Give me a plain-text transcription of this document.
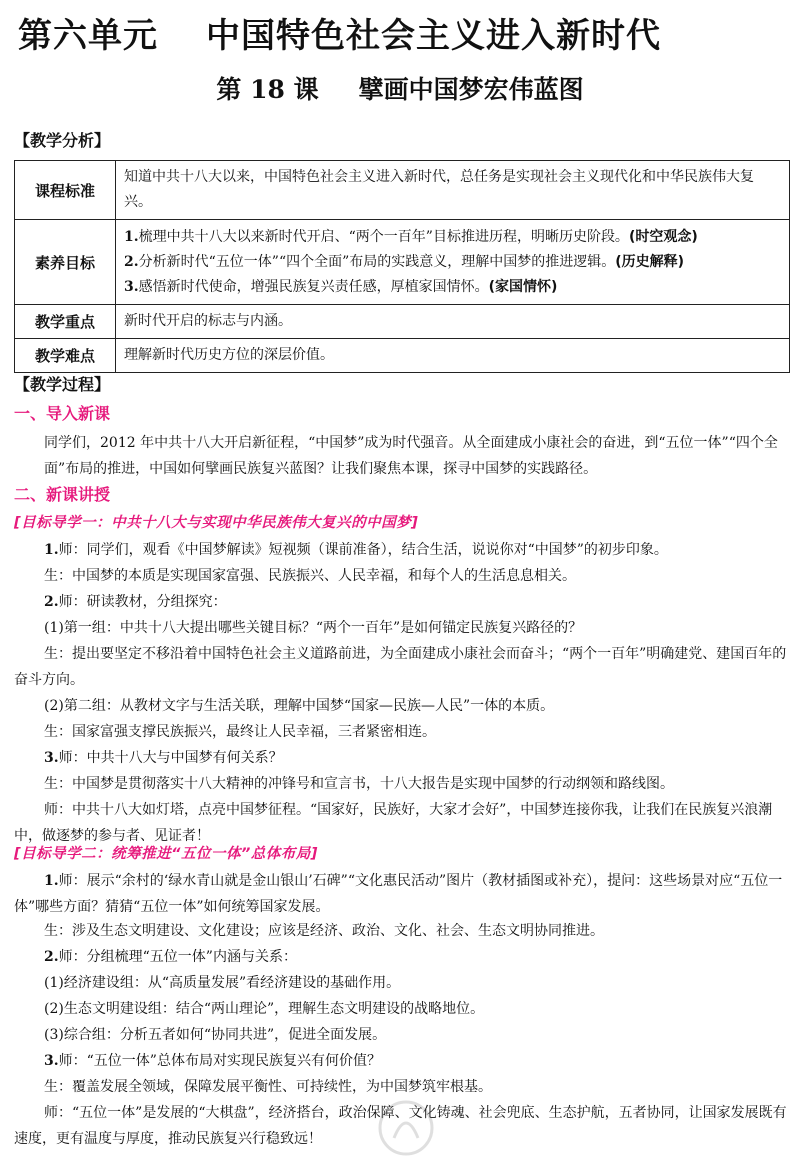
第六单元 中国特色社会主义进入新时代
第 18 课 擘画中国梦宏伟蓝图
【教学分析】
课程标准	知道中共十八大以来，中国特色社会主义进入新时代，总任务是实现社会主义现代化和中华民族伟大复兴。
素养目标	1.梳理中共十八大以来新时代开启、“两个一百年”目标推进历程，明晰历史阶段。(时空观念)
2.分析新时代“五位一体”“四个全面”布局的实践意义，理解中国梦的推进逻辑。(历史解释)
3.感悟新时代使命，增强民族复兴责任感，厚植家国情怀。(家国情怀)

教学重点	新时代开启的标志与内涵。
教学难点	理解新时代历史方位的深层价值。
【教学过程】
一、导入新课
同学们，2012 年中共十八大开启新征程，“中国梦”成为时代强音。从全面建成小康社会的奋进，到“五位一体”“四个全面”布局的推进，中国如何擘画民族复兴蓝图？让我们聚焦本课，探寻中国梦的实践路径。
二、新课讲授
[目标导学一：中共十八大与实现中华民族伟大复兴的中国梦]
1.师：同学们，观看《中国梦解读》短视频（课前准备），结合生活，说说你对“中国梦”的初步印象。
生：中国梦的本质是实现国家富强、民族振兴、人民幸福，和每个人的生活息息相关。
2.师：研读教材，分组探究：
(1)第一组：中共十八大提出哪些关键目标？“两个一百年”是如何锚定民族复兴路径的？
生：提出要坚定不移沿着中国特色社会主义道路前进，为全面建成小康社会而奋斗；“两个一百年”明确建党、建国百年的奋斗方向。
(2)第二组：从教材文字与生活关联，理解中国梦“国家—民族—人民”一体的本质。
生：国家富强支撑民族振兴，最终让人民幸福，三者紧密相连。
3.师：中共十八大与中国梦有何关系？
生：中国梦是贯彻落实十八大精神的冲锋号和宣言书，十八大报告是实现中国梦的行动纲领和路线图。
师：中共十八大如灯塔，点亮中国梦征程。“国家好，民族好，大家才会好”，中国梦连接你我，让我们在民族复兴浪潮中，做逐梦的参与者、见证者！
[目标导学二：统筹推进“五位一体”总体布局]
1.师：展示“余村的‘绿水青山就是金山银山’石碑”“文化惠民活动”图片（教材插图或补充），提问：这些场景对应“五位一体”哪些方面？猜猜“五位一体”如何统筹国家发展。
生：涉及生态文明建设、文化建设；应该是经济、政治、文化、社会、生态文明协同推进。
2.师：分组梳理“五位一体”内涵与关系：
(1)经济建设组：从“高质量发展”看经济建设的基础作用。
(2)生态文明建设组：结合“两山理论”，理解生态文明建设的战略地位。
(3)综合组：分析五者如何“协同共进”，促进全面发展。
3.师：“五位一体”总体布局对实现民族复兴有何价值？
生：覆盖发展全领域，保障发展平衡性、可持续性，为中国梦筑牢根基。
师：“五位一体”是发展的“大棋盘”，经济搭台，政治保障、文化铸魂、社会兜底、生态护航，五者协同，让国家发展既有速度，更有温度与厚度，推动民族复兴行稳致远！
